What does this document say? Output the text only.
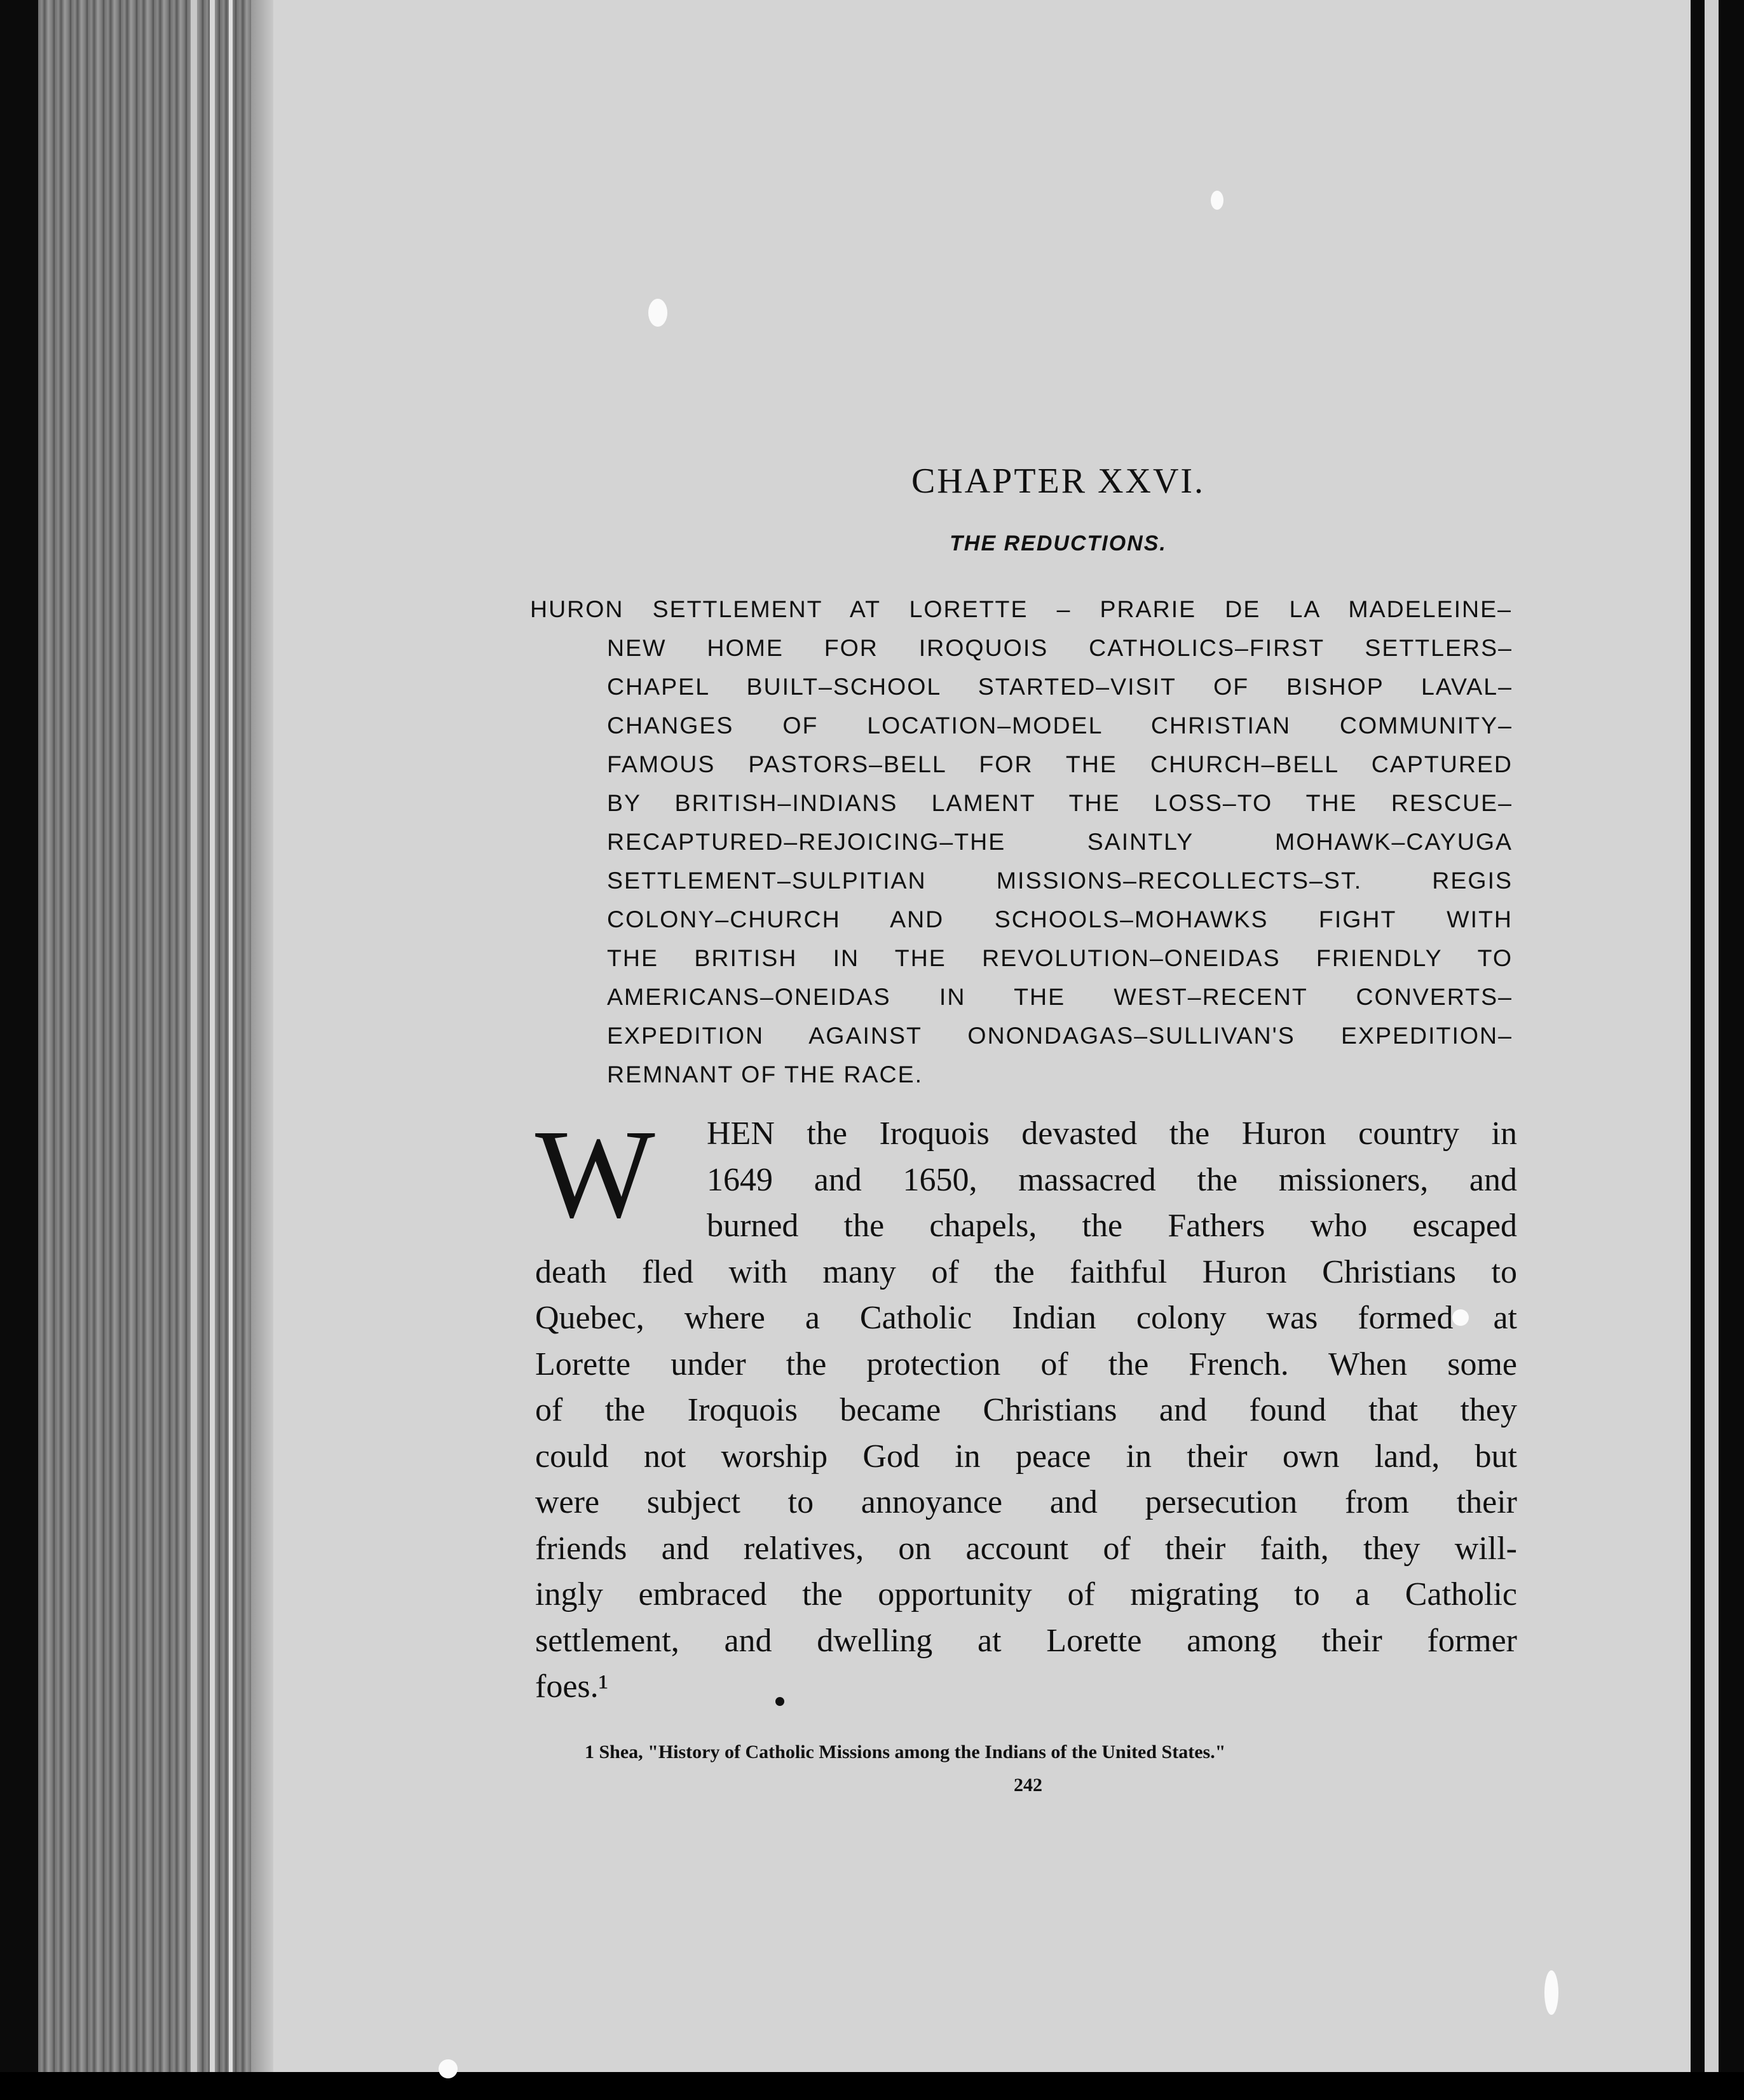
CHAPTER XXVI.
THE REDUCTIONS.
HURON SETTLEMENT AT LORETTE – PRARIE DE LA MADELEINE–
NEW HOME FOR IROQUOIS CATHOLICS–FIRST SETTLERS–
CHAPEL BUILT–SCHOOL STARTED–VISIT OF BISHOP LAVAL–
CHANGES OF LOCATION–MODEL CHRISTIAN COMMUNITY–
FAMOUS PASTORS–BELL FOR THE CHURCH–BELL CAPTURED
BY BRITISH–INDIANS LAMENT THE LOSS–TO THE RESCUE–
RECAPTURED–REJOICING–THE SAINTLY MOHAWK–CAYUGA
SETTLEMENT–SULPITIAN MISSIONS–RECOLLECTS–ST. REGIS
COLONY–CHURCH AND SCHOOLS–MOHAWKS FIGHT WITH
THE BRITISH IN THE REVOLUTION–ONEIDAS FRIENDLY TO
AMERICANS–ONEIDAS IN THE WEST–RECENT CONVERTS–
EXPEDITION AGAINST ONONDAGAS–SULLIVAN'S EXPEDITION–
REMNANT OF THE RACE.
W HEN the Iroquois devasted the Huron country in
1649 and 1650, massacred the missioners, and
burned the chapels, the Fathers who escaped
death fled with many of the faithful Huron Christians to
Quebec, where a Catholic Indian colony was formed at
Lorette under the protection of the French. When some
of the Iroquois became Christians and found that they
could not worship God in peace in their own land, but
were subject to annoyance and persecution from their
friends and relatives, on account of their faith, they will-
ingly embraced the opportunity of migrating to a Catholic
settlement, and dwelling at Lorette among their former
foes.¹
1 Shea, "History of Catholic Missions among the Indians of the United States."
242
